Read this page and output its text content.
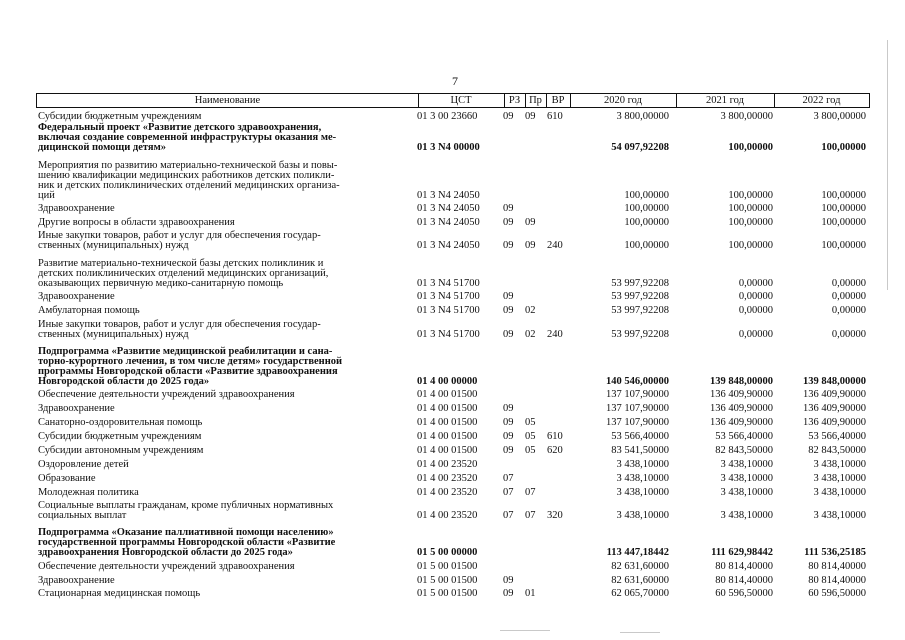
7
Наименование	ЦСТ	РЗ Пр ВР	2020 год	2021 год	2022 год
Субсидии бюджетным учреждениям	01 3 00 23660	09	09	610	3 800,00000	3 800,00000	3 800,00000
Федеральный проект «Развитие детского здравоохранения,
включая создание современной инфраструктуры оказания ме-
дицинской помощи детям»	01 3 N4 00000	54 097,92208	100,00000	100,00000
Мероприятия по развитию материально-технической базы и повы-
шению квалификации медицинских работников детских поликли-
ник и детских поликлинических отделений медицинских организа-
ций	01 3 N4 24050	100,00000	100,00000	100,00000
Здравоохранение	01 3 N4 24050	09	100,00000	100,00000	100,00000
Другие вопросы в области здравоохранения	01 3 N4 24050	09	09	100,00000	100,00000	100,00000
Иные закупки товаров, работ и услуг для обеспечения государ-
ственных (муниципальных) нужд	01 3 N4 24050	09	09	240	100,00000	100,00000	100,00000
Развитие материально-технической базы детских поликлиник и
детских поликлинических отделений медицинских организаций,
оказывающих первичную медико-санитарную помощь	01 3 N4 51700	53 997,92208	0,00000	0,00000
Здравоохранение	01 3 N4 51700	09	53 997,92208	0,00000	0,00000
Амбулаторная помощь	01 3 N4 51700	09	02	53 997,92208	0,00000	0,00000
Иные закупки товаров, работ и услуг для обеспечения государ-
ственных (муниципальных) нужд	01 3 N4 51700	09	02	240	53 997,92208	0,00000	0,00000
Подпрограмма «Развитие медицинской реабилитации и сана-
торно-курортного лечения, в том числе детям» государственной
программы Новгородской области «Развитие здравоохранения
Новгородской области до 2025 года»	01 4 00 00000	140 546,00000	139 848,00000	139 848,00000
Обеспечение деятельности учреждений здравоохранения	01 4 00 01500	137 107,90000	136 409,90000	136 409,90000
Здравоохранение	01 4 00 01500	09	137 107,90000	136 409,90000	136 409,90000
Санаторно-оздоровительная помощь	01 4 00 01500	09	05	137 107,90000	136 409,90000	136 409,90000
Субсидии бюджетным учреждениям	01 4 00 01500	09	05	610	53 566,40000	53 566,40000	53 566,40000
Субсидии автономным учреждениям	01 4 00 01500	09	05	620	83 541,50000	82 843,50000	82 843,50000
Оздоровление детей	01 4 00 23520	3 438,10000	3 438,10000	3 438,10000
Образование	01 4 00 23520	07	3 438,10000	3 438,10000	3 438,10000
Молодежная политика	01 4 00 23520	07	07	3 438,10000	3 438,10000	3 438,10000
Социальные выплаты гражданам, кроме публичных нормативных
социальных выплат	01 4 00 23520	07	07	320	3 438,10000	3 438,10000	3 438,10000
Подпрограмма «Оказание паллиативной помощи населению»
государственной программы Новгородской области «Развитие
здравоохранения Новгородской области до 2025 года»	01 5 00 00000	113 447,18442	111 629,98442	111 536,25185
Обеспечение деятельности учреждений здравоохранения	01 5 00 01500	82 631,60000	80 814,40000	80 814,40000
Здравоохранение	01 5 00 01500	09	82 631,60000	80 814,40000	80 814,40000
Стационарная медицинская помощь	01 5 00 01500	09	01	62 065,70000	60 596,50000	60 596,50000
